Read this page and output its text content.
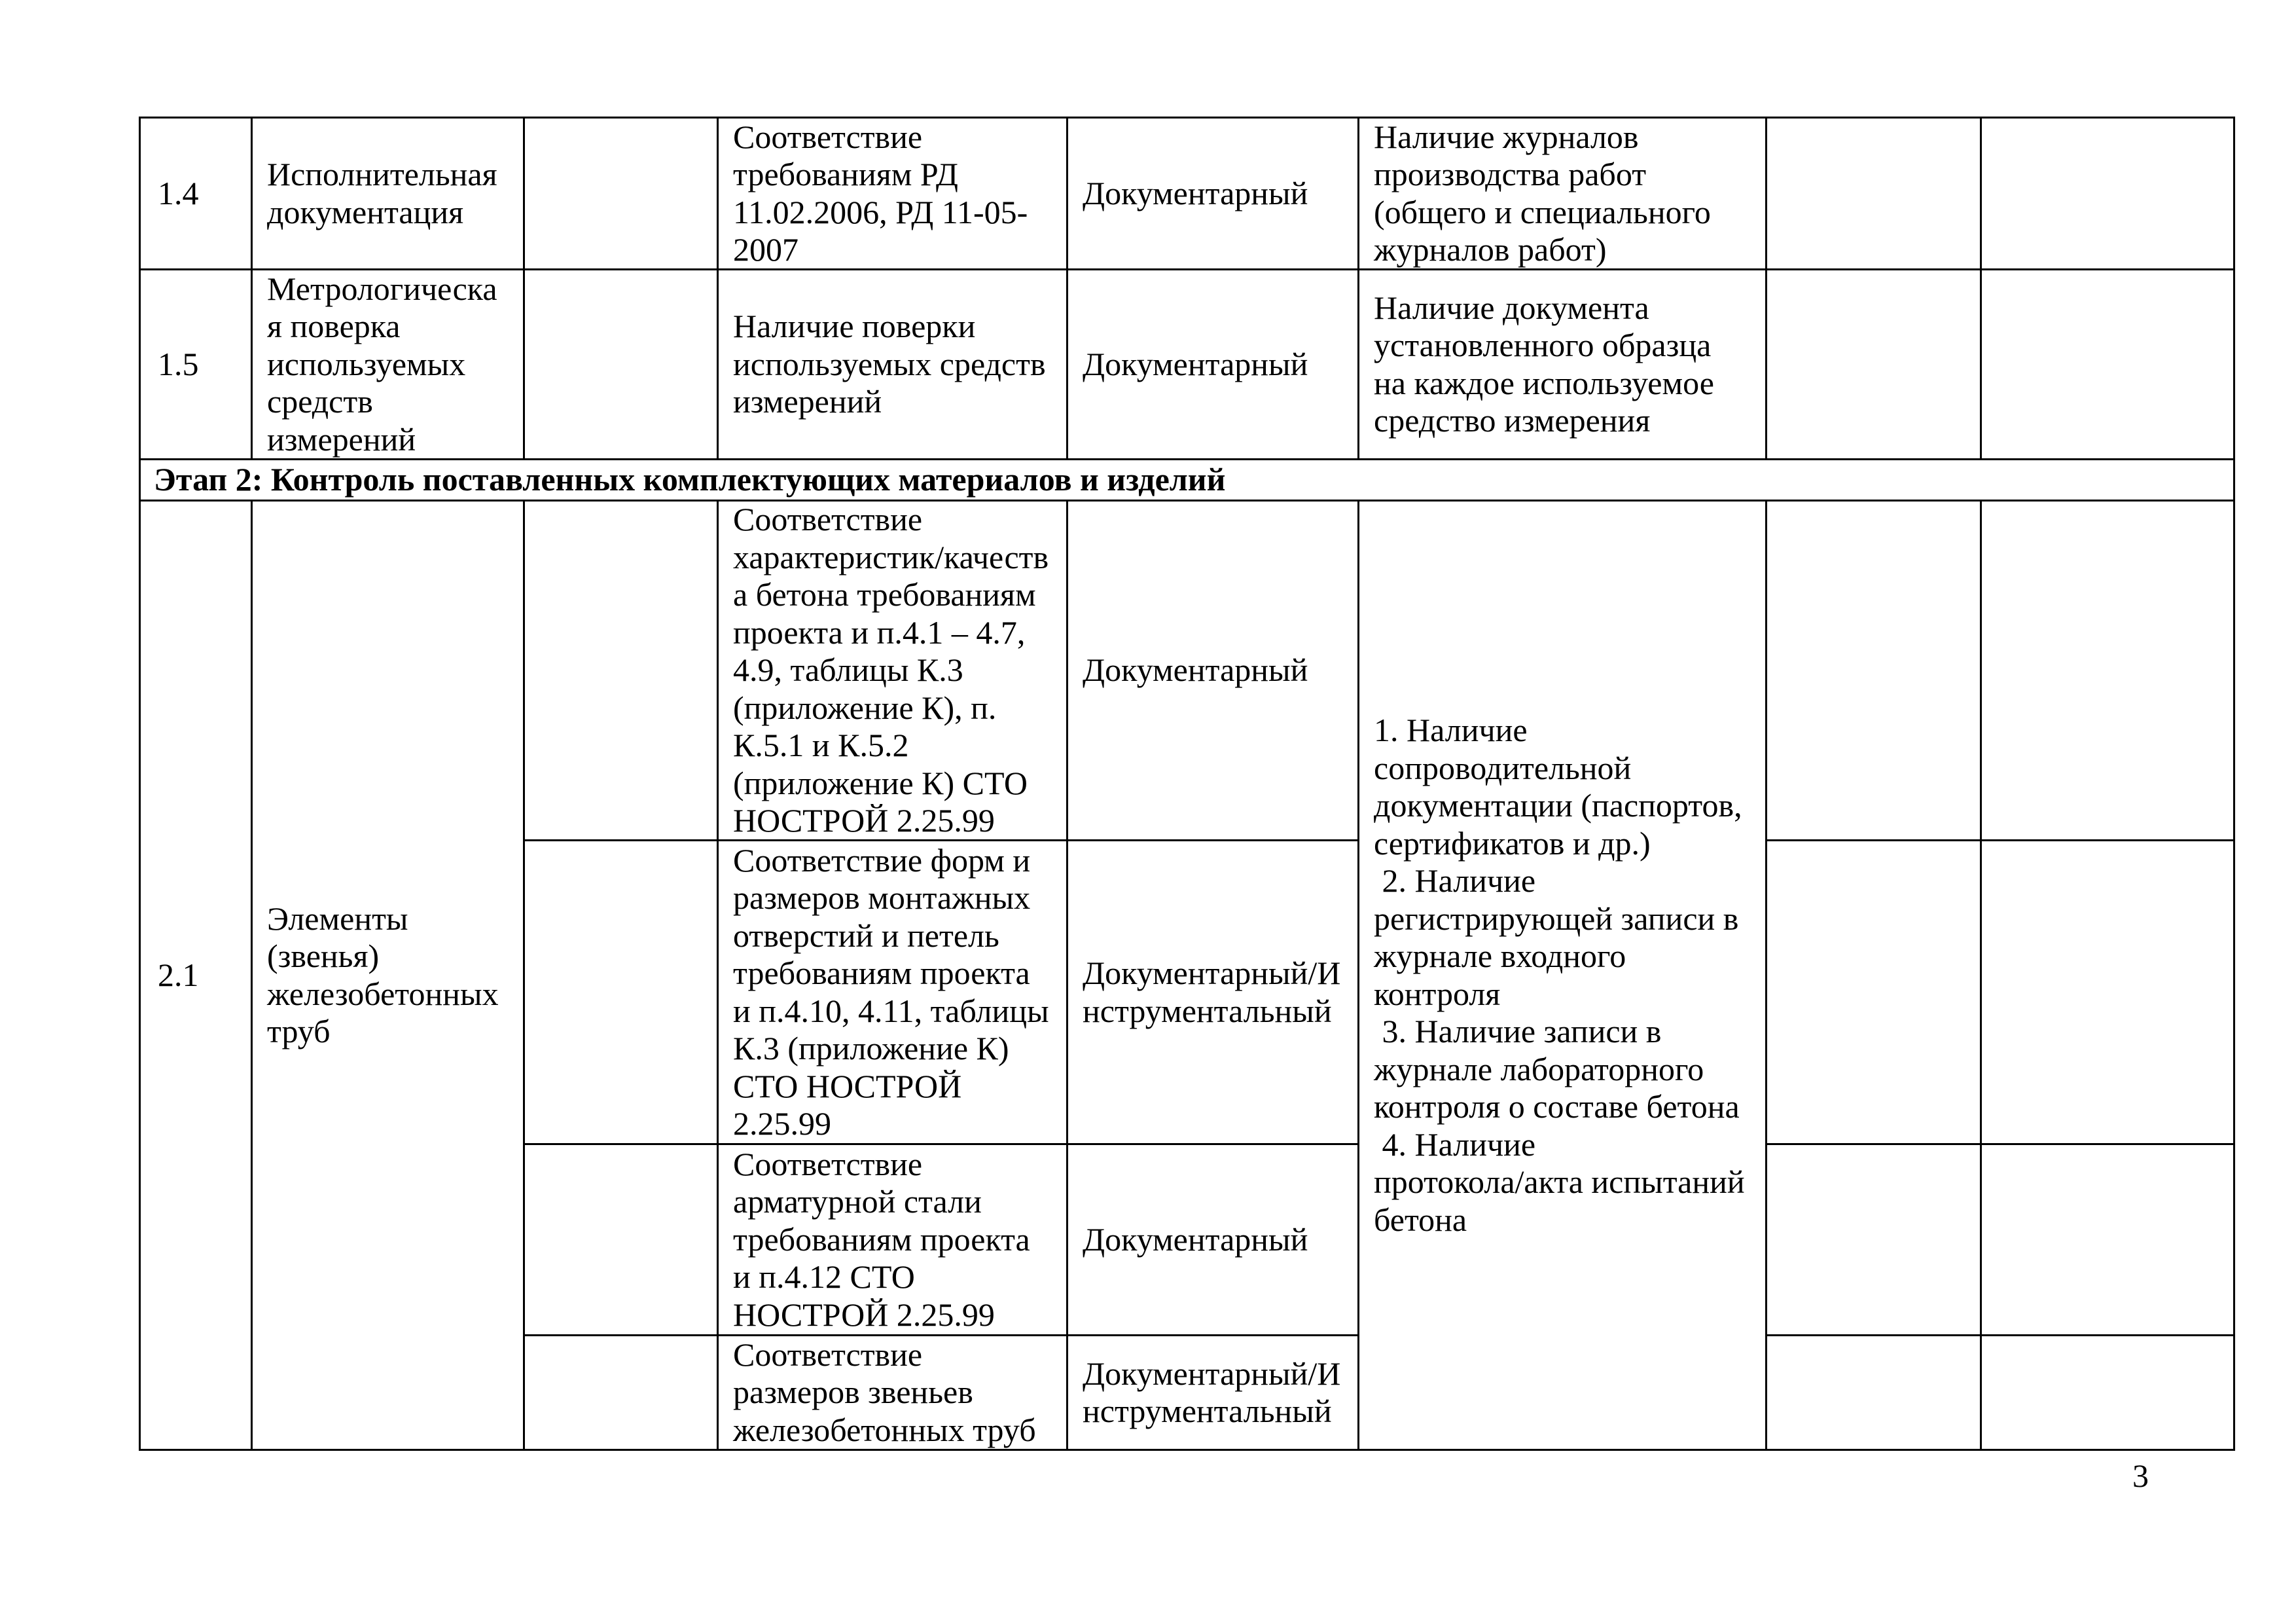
1.4
Исполнительная
документация
Соответствие
требованиям РД
11.02.2006, РД 11-05-
2007
Документарный
Наличие журналов
производства работ
(общего и специального
журналов работ)
1.5
Метрологическа
я поверка
используемых
средств
измерений
Наличие поверки
используемых средств
измерений
Документарный
Наличие документа
установленного образца
на каждое используемое
средство измерения
Этап 2: Контроль поставленных комплектующих материалов и изделий
2.1
Элементы
(звенья)
железобетонных
труб
1. Наличие
сопроводительной
документации (паспортов,
сертификатов и др.)
2. Наличие
регистрирующей записи в
журнале входного
контроля
3. Наличие записи в
журнале лабораторного
контроля о составе бетона
4. Наличие
протокола/акта испытаний
бетона
Соответствие
характеристик/качеств
а бетона требованиям
проекта и п.4.1 – 4.7,
4.9, таблицы К.3
(приложение К), п.
К.5.1 и К.5.2
(приложение К) СТО
НОСТРОЙ 2.25.99
Документарный
Соответствие форм и
размеров монтажных
отверстий и петель
требованиям проекта
и п.4.10, 4.11, таблицы
К.3 (приложение К)
СТО НОСТРОЙ
2.25.99
Документарный/И
нструментальный
Соответствие
арматурной стали
требованиям проекта
и п.4.12 СТО
НОСТРОЙ 2.25.99
Документарный
Соответствие
размеров звеньев
железобетонных труб
Документарный/И
нструментальный
3
